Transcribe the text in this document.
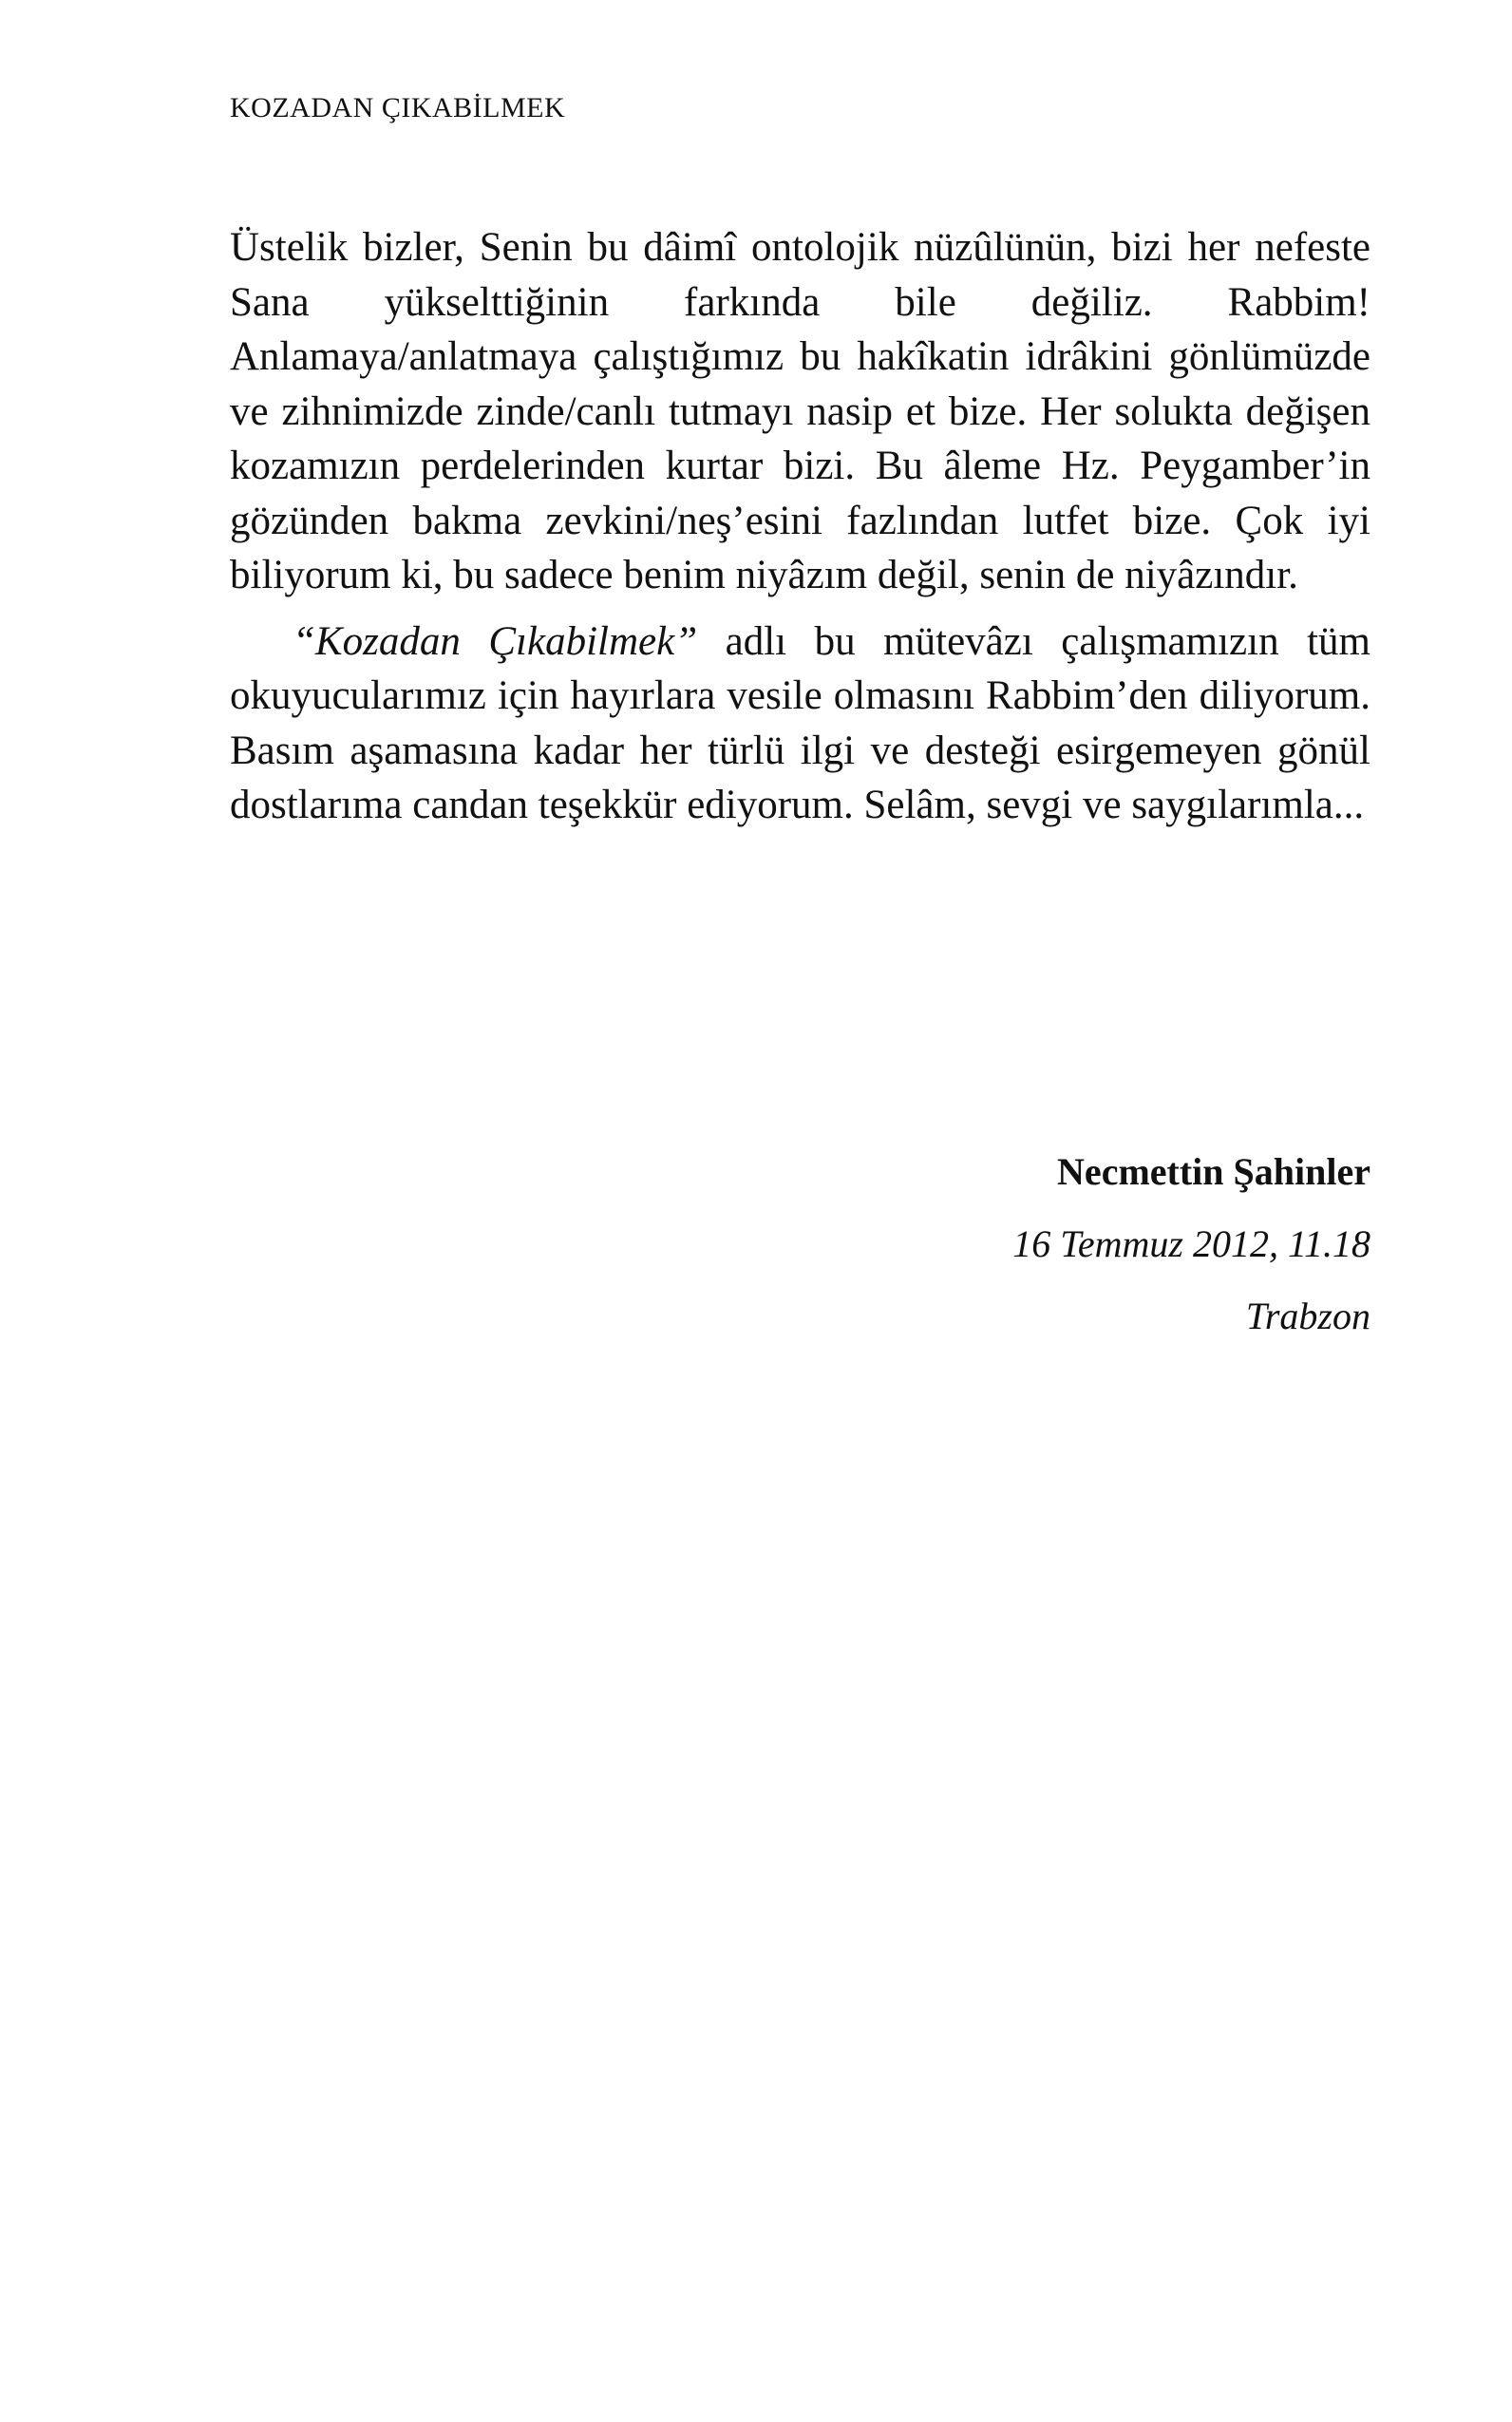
KOZADAN ÇIKABİLMEK

Üstelik bizler, Senin bu dâimî ontolojik nüzûlünün, bizi her nefeste Sana yükselttiğinin farkında bile değiliz. Rabbim! Anlamaya/anlatmaya çalıştığımız bu hakîkatin idrâkini gönlümüzde ve zihnimizde zinde/canlı tutmayı nasip et bize. Her solukta değişen kozamızın perdelerinden kurtar bizi. Bu âleme Hz. Peygamber’in gözünden bakma zevkini/neş’esini fazlından lutfet bize. Çok iyi biliyorum ki, bu sadece benim niyâzım değil, senin de niyâzındır.

“Kozadan Çıkabilmek” adlı bu mütevâzı çalışmamızın tüm okuyucularımız için hayırlara vesile olmasını Rabbim’den diliyorum. Basım aşamasına kadar her türlü ilgi ve desteği esirgemeyen gönül dostlarıma candan teşekkür ediyorum. Selâm, sevgi ve saygılarımla...

Necmettin Şahinler
16 Temmuz 2012, 11.18
Trabzon
